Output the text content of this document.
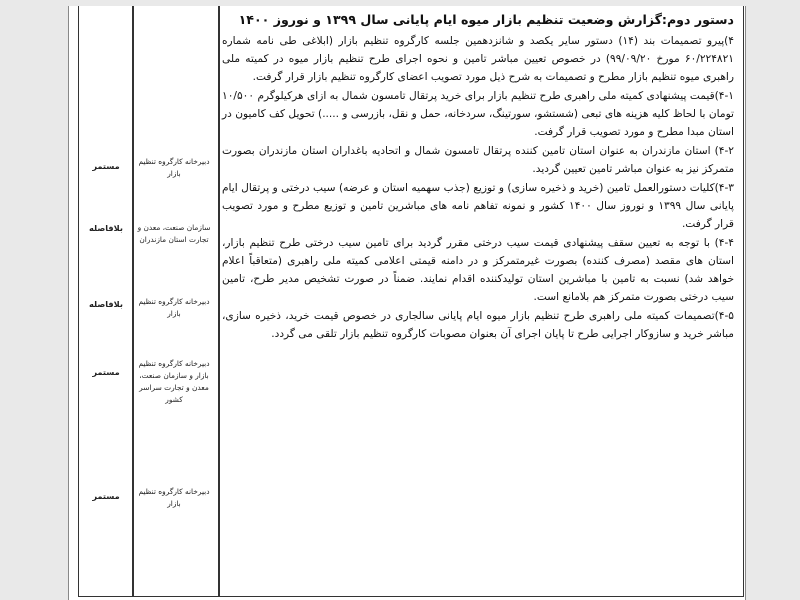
دستور دوم:گزارش وضعیت تنظیم بازار میوه ایام پایانی سال ۱۳۹۹ و نوروز ۱۴۰۰
۴)پیرو تصمیمات بند (۱۴) دستور سایر یکصد و شانزدهمین جلسه کارگروه تنظیم بازار (ابلاغی طی نامه شماره ۶۰/۲۲۴۸۲۱ مورخ ۹۹/۰۹/۲۰) در خصوص تعیین مباشر تامین و نحوه اجرای طرح تنظیم بازار میوه در کمیته ملی راهبری میوه تنظیم بازار مطرح و تصمیمات به شرح ذیل مورد تصویب اعضای کارگروه تنظیم بازار قرار گرفت.
۴-۱)قیمت پیشنهادی کمیته ملی راهبری طرح تنظیم بازار برای خرید پرتقال تامسون شمال به ازای هرکیلوگرم ۱۰/۵۰۰ تومان با لحاظ کلیه هزینه های تبعی (شستشو، سورتینگ، سردخانه، حمل و نقل، بازرسی و .....) تحویل کف کامیون در استان مبدا مطرح و مورد تصویب قرار گرفت.
۴-۲) استان مازندران به عنوان استان تامین کننده پرتقال تامسون شمال و اتحادیه باغداران استان مازندران بصورت متمرکز نیز به عنوان مباشر تامین تعیین گردید.
۴-۳)کلیات دستورالعمل تامین (خرید و ذخیره سازی) و توزیع (جذب سهمیه استان و عرضه) سیب درختی و پرتقال ایام پایانی سال ۱۳۹۹ و نوروز سال ۱۴۰۰ کشور و نمونه تفاهم نامه های مباشرین تامین و توزیع مطرح و مورد تصویب قرار گرفت.
۴-۴) با توجه به تعیین سقف پیشنهادی قیمت سیب درختی مقرر گردید برای تامین سیب درختی طرح تنظیم بازار، استان های مقصد (مصرف کننده) بصورت غیرمتمرکز و در دامنه قیمتی اعلامی کمیته ملی راهبری (متعاقباً اعلام خواهد شد) نسبت به تامین با مباشرین استان تولیدکننده اقدام نمایند. ضمناً در صورت تشخیص مدیر طرح، تامین سیب درختی بصورت متمرکز هم بلامانع است.
۴-۵)تصمیمات کمیته ملی راهبری طرح تنظیم بازار میوه ایام پایانی سالجاری در خصوص قیمت خرید، ذخیره سازی، مباشر خرید و سازوکار اجرایی طرح تا پایان اجرای آن بعنوان مصوبات کارگروه تنظیم بازار تلقی می گردد.
دبیرخانه کارگروه تنظیم بازار
مستمر
سازمان صنعت، معدن و تجارت استان مازندران
بلافاصله
دبیرخانه کارگروه تنظیم بازار
بلافاصله
دبیرخانه کارگروه تنظیم بازار و سازمان صنعت، معدن و تجارت سراسر کشور
مستمر
دبیرخانه کارگروه تنظیم بازار
مستمر
